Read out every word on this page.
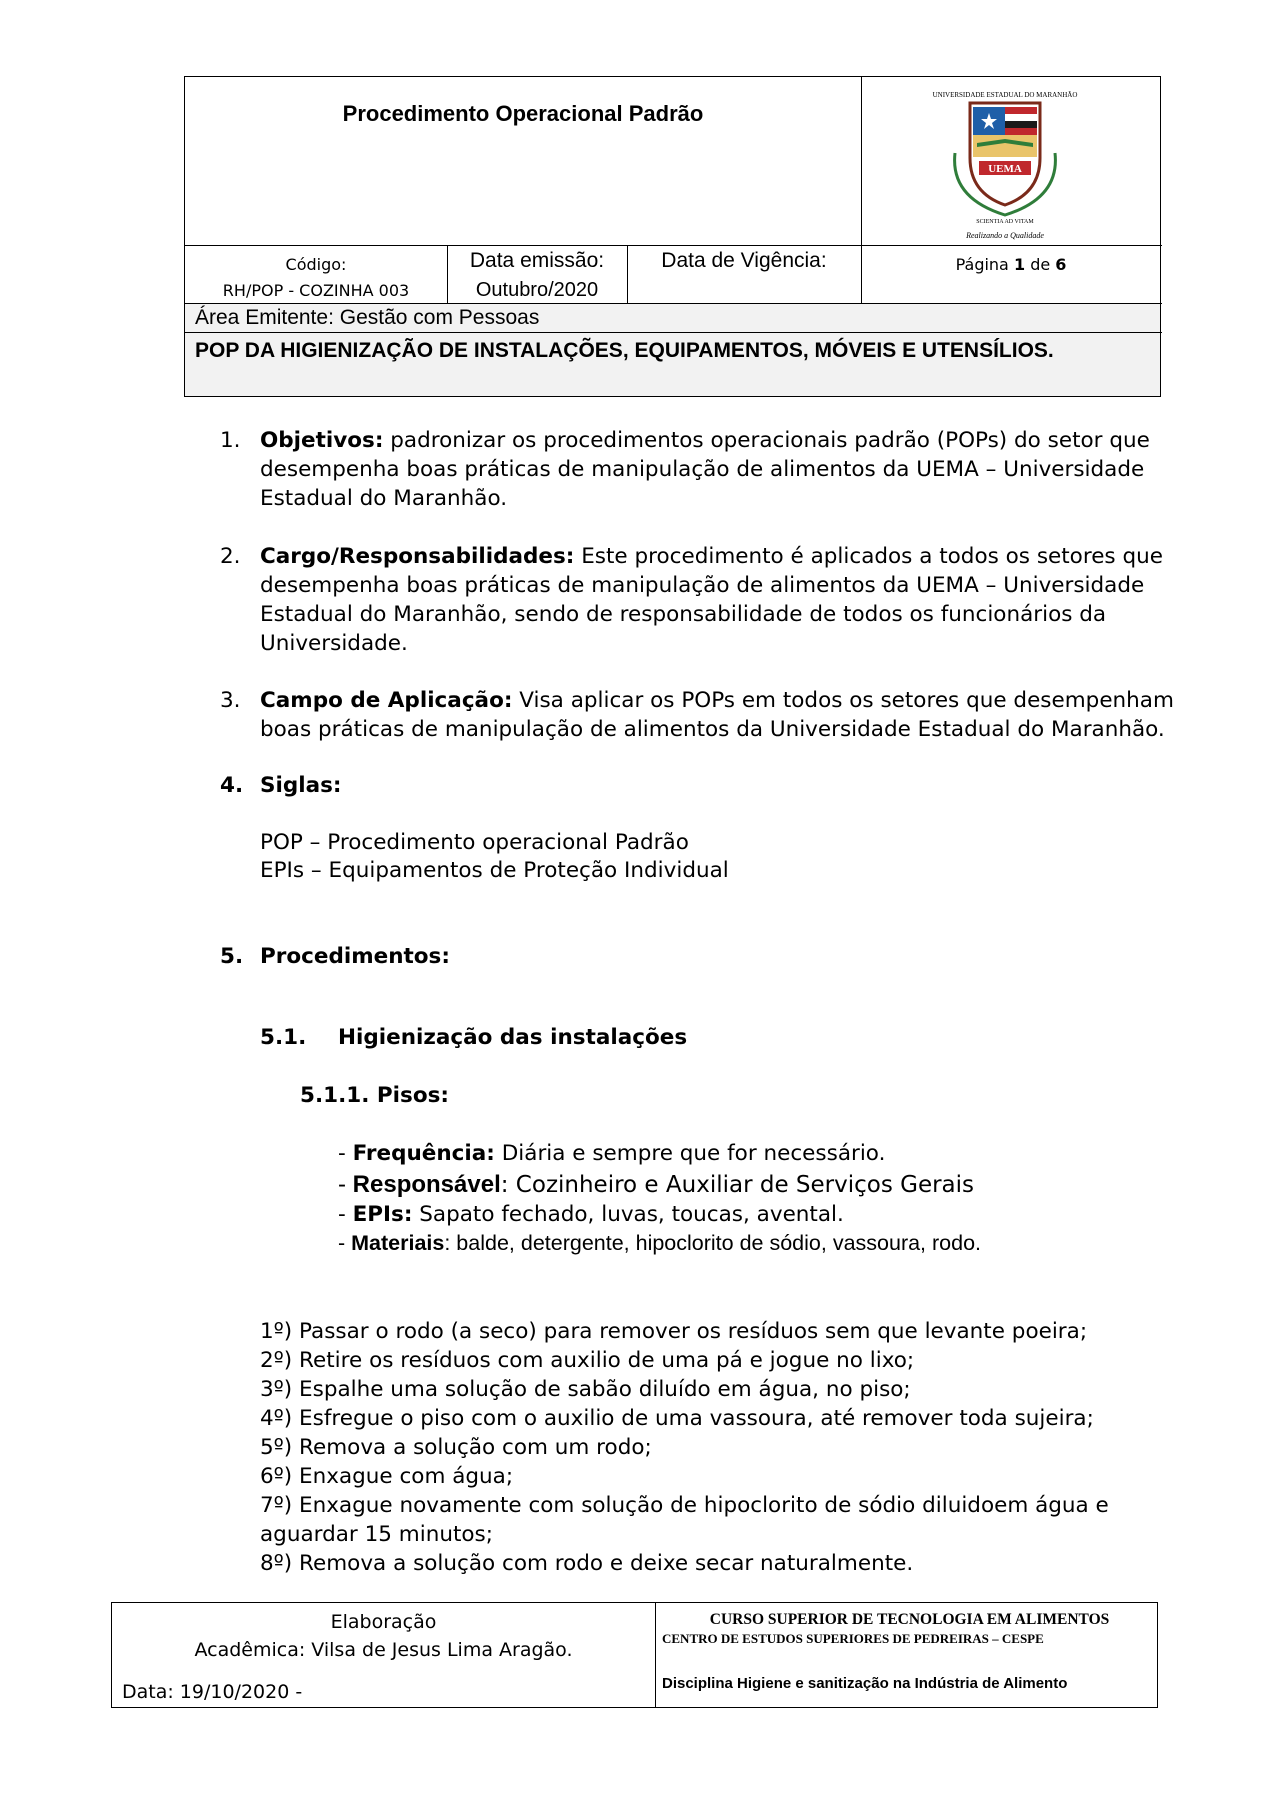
Procedimento Operacional Padrão
UNIVERSIDADE ESTADUAL DO MARANHÃO
UEMA
SCIENTIA AD VITAM
Realizando a Qualidade
Código:
RH/POP - COZINHA 003
Data emissão:
Outubro/2020
Data de Vigência:	Página 1 de 6
Área Emitente: Gestão com Pessoas
POP DA HIGIENIZAÇÃO DE INSTALAÇÕES, EQUIPAMENTOS, MÓVEIS E UTENSÍLIOS.
1. Objetivos: padronizar os procedimentos operacionais padrão (POPs) do setor que desempenha boas práticas de manipulação de alimentos da UEMA – Universidade Estadual do Maranhão.
2. Cargo/Responsabilidades: Este procedimento é aplicados a todos os setores que desempenha boas práticas de manipulação de alimentos da UEMA – Universidade Estadual do Maranhão, sendo de responsabilidade de todos os funcionários da Universidade.
3. Campo de Aplicação: Visa aplicar os POPs em todos os setores que desempenham boas práticas de manipulação de alimentos da Universidade Estadual do Maranhão.
4. Siglas:
POP – Procedimento operacional Padrão
EPIs – Equipamentos de Proteção Individual
5. Procedimentos:
5.1. Higienização das instalações
5.1.1. Pisos:
- Frequência: Diária e sempre que for necessário.
- Responsável: Cozinheiro e Auxiliar de Serviços Gerais
- EPIs: Sapato fechado, luvas, toucas, avental.
- Materiais: balde, detergente, hipoclorito de sódio, vassoura, rodo.
1º) Passar o rodo (a seco) para remover os resíduos sem que levante poeira;
2º) Retire os resíduos com auxilio de uma pá e jogue no lixo;
3º) Espalhe uma solução de sabão diluído em água, no piso;
4º) Esfregue o piso com o auxilio de uma vassoura, até remover toda sujeira;
5º) Remova a solução com um rodo;
6º) Enxague com água;
7º) Enxague novamente com solução de hipoclorito de sódio diluidoem água e aguardar 15 minutos;
8º) Remova a solução com rodo e deixe secar naturalmente.
Elaboração
Acadêmica: Vilsa de Jesus Lima Aragão.
Data: 19/10/2020 -
CURSO SUPERIOR DE TECNOLOGIA EM ALIMENTOS
CENTRO DE ESTUDOS SUPERIORES DE PEDREIRAS – CESPE
Disciplina Higiene e sanitização na Indústria de Alimento
